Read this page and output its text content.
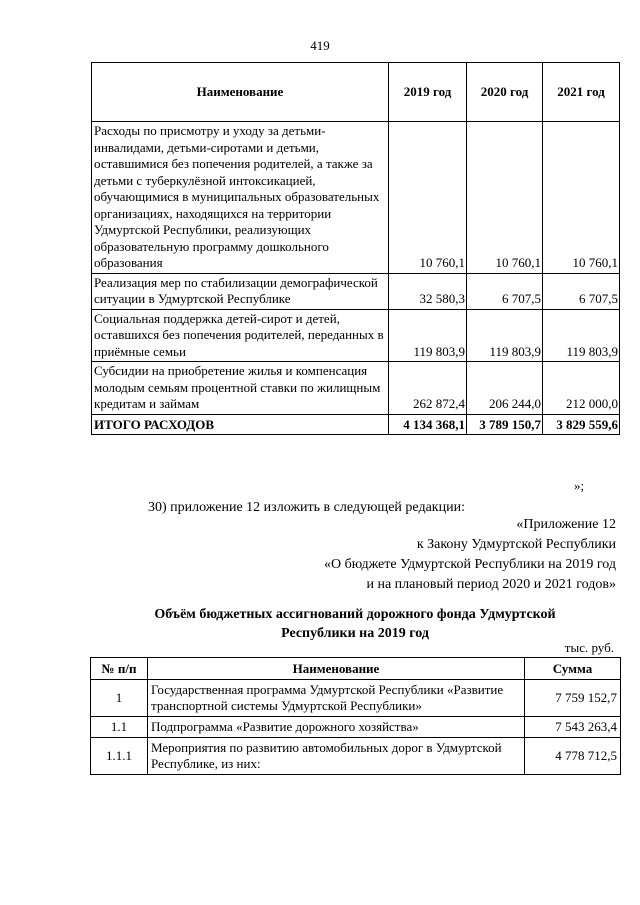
419
Наименование	2019 год	2020 год	2021 год
Расходы по присмотру и уходу за детьми-инвалидами, детьми-сиротами и детьми, оставшимися без попечения родителей, а также за детьми с туберкулёзной интоксикацией, обучающимися в муниципальных образовательных организациях, находящихся на территории Удмуртской Республики, реализующих образовательную программу дошкольного образования	10 760,1	10 760,1	10 760,1
Реализация мер по стабилизации демографической ситуации в Удмуртской Республике	32 580,3	6 707,5	6 707,5
Социальная поддержка детей-сирот и детей, оставшихся без попечения родителей, переданных в приёмные семьи	119 803,9	119 803,9	119 803,9
Субсидии на приобретение жилья и компенсация молодым семьям процентной ставки по жилищным кредитам и займам	262 872,4	206 244,0	212 000,0
ИТОГО РАСХОДОВ	4 134 368,1	3 789 150,7	3 829 559,6
»;
30) приложение 12 изложить в следующей редакции:
«Приложение 12
к Закону Удмуртской Республики
«О бюджете Удмуртской Республики на 2019 год
и на плановый период 2020 и 2021 годов»
Объём бюджетных ассигнований дорожного фонда Удмуртской
Республики на 2019 год
тыс. руб.
№ п/п	Наименование	Сумма
1	Государственная программа Удмуртской Республики «Развитие транспортной системы Удмуртской Республики»	7 759 152,7
1.1	Подпрограмма «Развитие дорожного хозяйства»	7 543 263,4
1.1.1	Мероприятия по развитию автомобильных дорог в Удмуртской Республике, из них:	4 778 712,5
